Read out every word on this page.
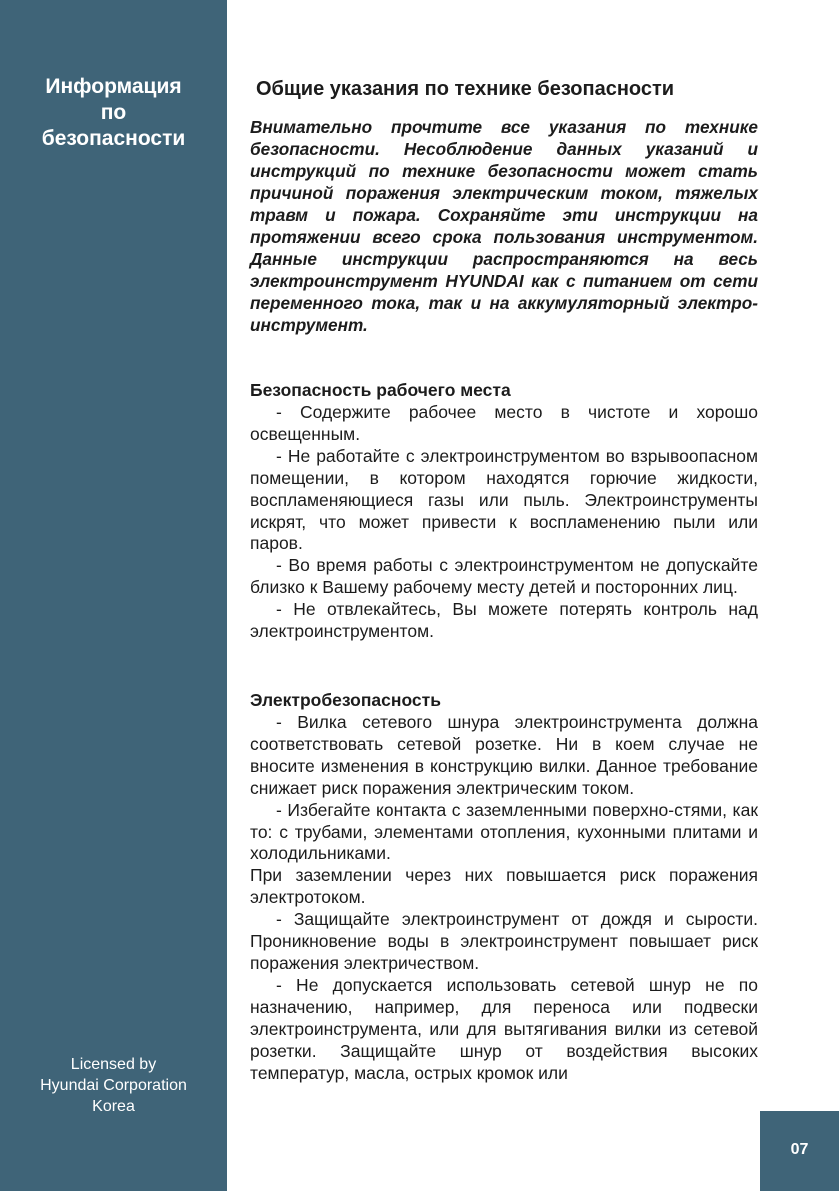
Информация
по
безопасности
Licensed by
Hyundai Corporation
Korea
Общие указания по технике безопасности
Внимательно прочтите все указания по технике безопасности. Несоблюдение данных указаний и инструкций по технике безопасности может стать причиной поражения электрическим током, тяжелых травм и пожара. Сохраняйте эти инструкции на протяжении всего срока пользования инструментом. Данные инструкции распространяются на весь электроинструмент HYUNDAI как с питанием от сети переменного тока, так и на аккумуляторный электро-инструмент.
Безопасность рабочего места

- Содержите рабочее место в чистоте и хорошо освещенным.

- Не работайте с электроинструментом во взрывоопасном помещении, в котором находятся горючие жидкости, воспламеняющиеся газы или пыль. Электроинструменты искрят, что может привести к воспламенению пыли или паров.

- Во время работы с электроинструментом не допускайте близко к Вашему рабочему месту детей и посторонних лиц.

- Не отвлекайтесь, Вы можете потерять контроль над электроинструментом.

Электробезопасность

- Вилка сетевого шнура электроинструмента должна соответствовать сетевой розетке. Ни в коем случае не вносите изменения в конструкцию вилки. Данное требование снижает риск поражения электрическим током.

- Избегайте контакта с заземленными поверхно-стями, как то: с трубами, элементами отопления, кухонными плитами и холодильниками.

При заземлении через них повышается риск поражения электротоком.

- Защищайте электроинструмент от дождя и сырости. Проникновение воды в электроинструмент повышает риск поражения электричеством.

- Не допускается использовать сетевой шнур не по назначению, например, для переноса или подвески электроинструмента, или для вытягивания вилки из сетевой розетки. Защищайте шнур от воздействия высоких температур, масла, острых кромок или

07
